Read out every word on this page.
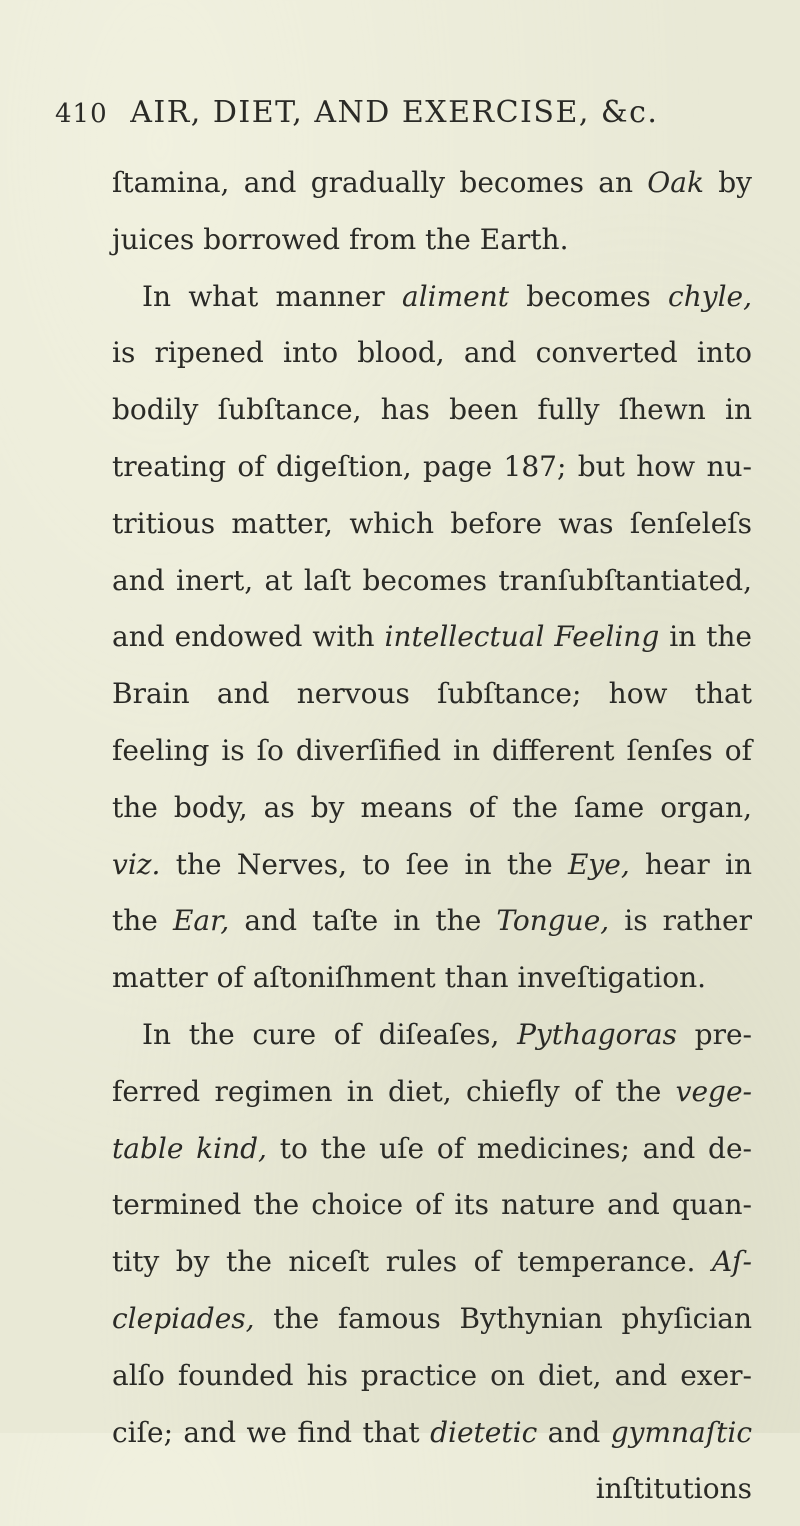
410 AIR, DIET, AND EXERCISE, &c.
ſtamina, and gradually becomes an Oak by
juices borrowed from the Earth.
In what manner aliment becomes chyle,
is ripened into blood, and converted into
bodily ſubſtance, has been fully ſhewn in
treating of digeſtion, page 187; but how nu-
tritious matter, which before was ſenſeleſs
and inert, at laſt becomes tranſubſtantiated,
and endowed with intellectual Feeling in the
Brain and nervous ſubſtance; how that
feeling is ſo diverſified in different ſenſes of
the body, as by means of the ſame organ,
viz. the Nerves, to ſee in the Eye, hear in
the Ear, and taſte in the Tongue, is rather
matter of aſtoniſhment than inveſtigation.
In the cure of diſeaſes, Pythagoras pre-
ferred regimen in diet, chiefly of the vege-
table kind, to the uſe of medicines; and de-
termined the choice of its nature and quan-
tity by the niceſt rules of temperance. Aſ-
clepiades, the famous Bythynian phyſician
alſo founded his practice on diet, and exer-
ciſe; and we find that dietetic and gymnaſtic
inſtitutions
